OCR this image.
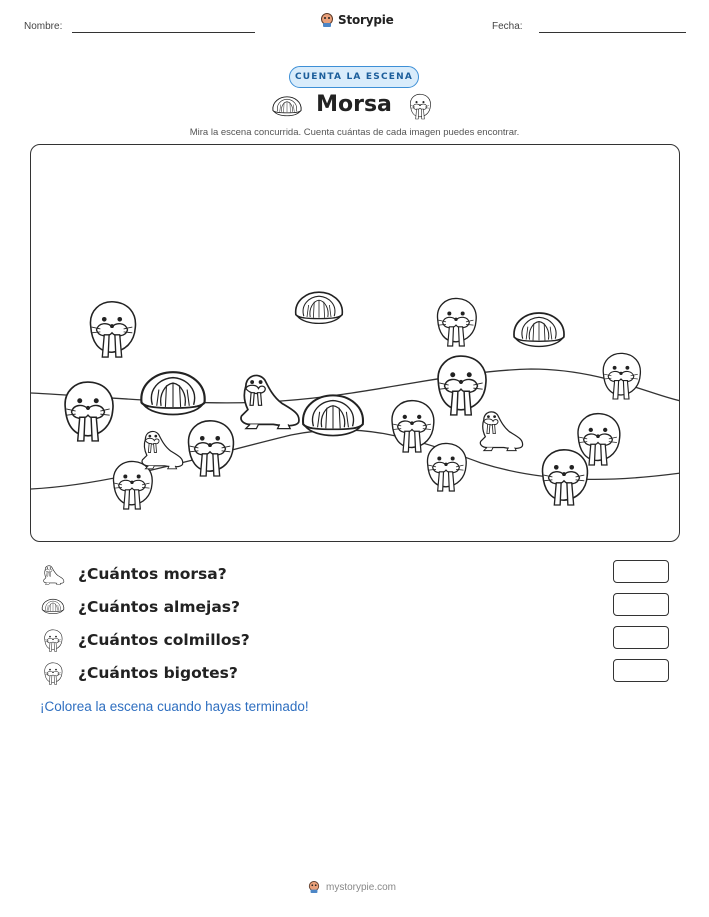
Nombre:	Storypie	Fecha:
CUENTA LA ESCENA
Morsa
Mira la escena concurrida. Cuenta cuántas de cada imagen puedes encontrar.
¿Cuántos morsa?
¿Cuántos almejas?
¿Cuántos colmillos?
¿Cuántos bigotes?
¡Colorea la escena cuando hayas terminado!
mystorypie.com
